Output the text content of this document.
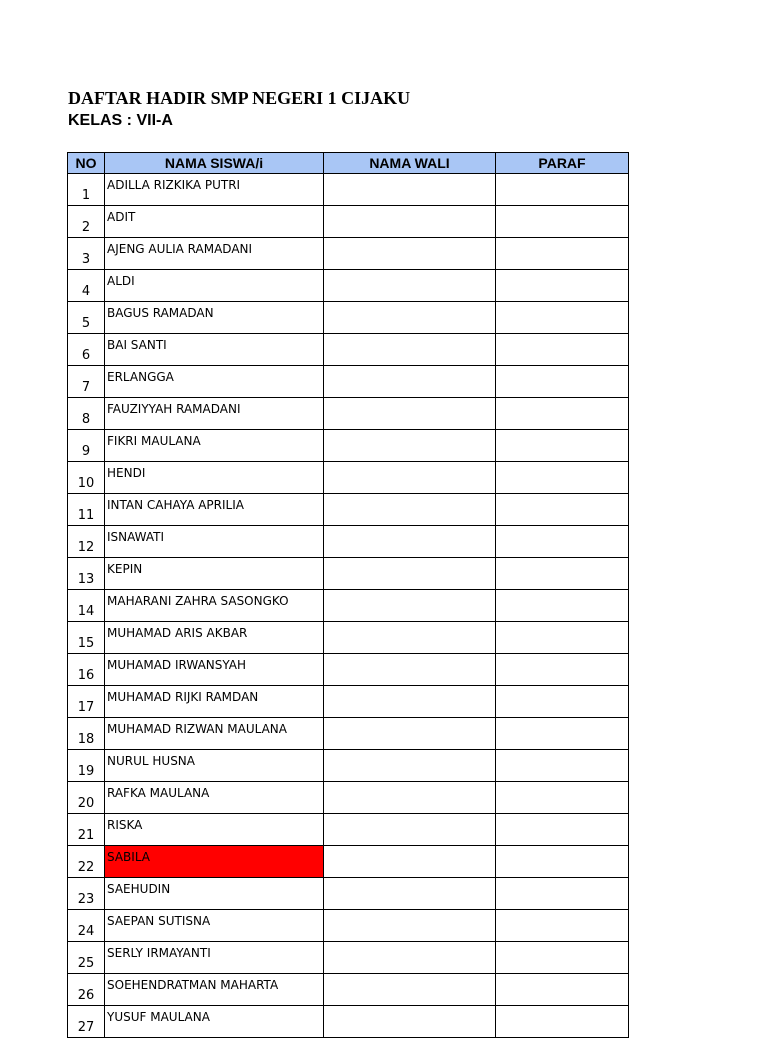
DAFTAR HADIR SMP NEGERI 1 CIJAKU
KELAS : VII-A
NO	NAMA SISWA/i	NAMA WALI	PARAF
1	ADILLA RIZKIKA PUTRI		
2	ADIT		
3	AJENG AULIA RAMADANI		
4	ALDI		
5	BAGUS RAMADAN		
6	BAI SANTI		
7	ERLANGGA		
8	FAUZIYYAH RAMADANI		
9	FIKRI MAULANA		
10	HENDI		
11	INTAN CAHAYA APRILIA		
12	ISNAWATI		
13	KEPIN		
14	MAHARANI ZAHRA SASONGKO		
15	MUHAMAD ARIS AKBAR		
16	MUHAMAD IRWANSYAH		
17	MUHAMAD RIJKI RAMDAN		
18	MUHAMAD RIZWAN MAULANA		
19	NURUL HUSNA		
20	RAFKA MAULANA		
21	RISKA		
22	SABILA		
23	SAEHUDIN		
24	SAEPAN SUTISNA		
25	SERLY IRMAYANTI		
26	SOEHENDRATMAN MAHARTA		
27	YUSUF MAULANA		
